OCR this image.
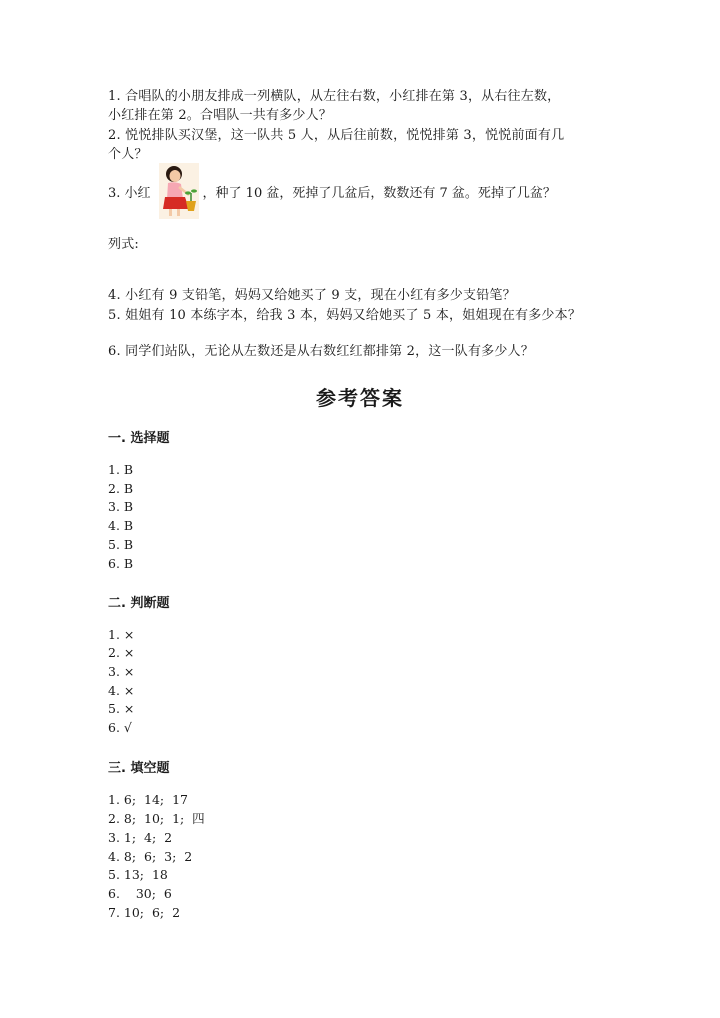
1. 合唱队的小朋友排成一列横队，从左往右数，小红排在第 3，从右往左数，
小红排在第 2。合唱队一共有多少人？
2. 悦悦排队买汉堡，这一队共 5 人，从后往前数，悦悦排第 3，悦悦前面有几
个人？
3. 小红	，种了 10 盆，死掉了几盆后，数数还有 7 盆。死掉了几盆？
列式:
4. 小红有 9 支铅笔，妈妈又给她买了 9 支，现在小红有多少支铅笔？
5. 姐姐有 10 本练字本，给我 3 本，妈妈又给她买了 5 本，姐姐现在有多少本？
6. 同学们站队，无论从左数还是从右数红红都排第 2，这一队有多少人？
参考答案
一. 选择题
1. B
2. B
3. B
4. B
5. B
6. B
二. 判断题
1. ×
2. ×
3. ×
4. ×
5. ×
6. √
三. 填空题
1. 6;  14;  17
2. 8;  10;  1;  四
3. 1;  4;  2
4. 8;  6;  3;  2
5. 13;  18
6.    30;  6
7. 10;  6;  2
